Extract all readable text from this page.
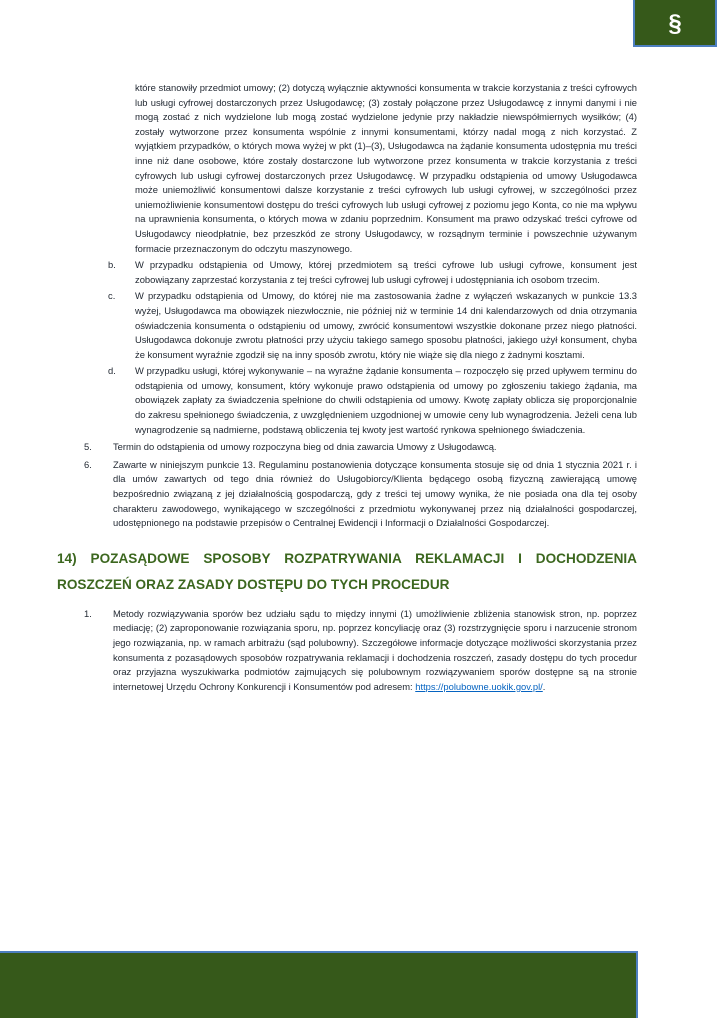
§
które stanowiły przedmiot umowy; (2) dotyczą wyłącznie aktywności konsumenta w trakcie korzystania z treści cyfrowych lub usługi cyfrowej dostarczonych przez Usługodawcę; (3) zostały połączone przez Usługodawcę z innymi danymi i nie mogą zostać z nich wydzielone lub mogą zostać wydzielone jedynie przy nakładzie niewspółmiernych wysiłków; (4) zostały wytworzone przez konsumenta wspólnie z innymi konsumentami, którzy nadal mogą z nich korzystać. Z wyjątkiem przypadków, o których mowa wyżej w pkt (1)–(3), Usługodawca na żądanie konsumenta udostępnia mu treści inne niż dane osobowe, które zostały dostarczone lub wytworzone przez konsumenta w trakcie korzystania z treści cyfrowych lub usługi cyfrowej dostarczonych przez Usługodawcę. W przypadku odstąpienia od umowy Usługodawca może uniemożliwić konsumentowi dalsze korzystanie z treści cyfrowych lub usługi cyfrowej, w szczególności przez uniemożliwienie konsumentowi dostępu do treści cyfrowych lub usługi cyfrowej z poziomu jego Konta, co nie ma wpływu na uprawnienia konsumenta, o których mowa w zdaniu poprzednim. Konsument ma prawo odzyskać treści cyfrowe od Usługodawcy nieodpłatnie, bez przeszkód ze strony Usługodawcy, w rozsądnym terminie i powszechnie używanym formacie przeznaczonym do odczytu maszynowego.
b. W przypadku odstąpienia od Umowy, której przedmiotem są treści cyfrowe lub usługi cyfrowe, konsument jest zobowiązany zaprzestać korzystania z tej treści cyfrowej lub usługi cyfrowej i udostępniania ich osobom trzecim.
c. W przypadku odstąpienia od Umowy, do której nie ma zastosowania żadne z wyłączeń wskazanych w punkcie 13.3 wyżej, Usługodawca ma obowiązek niezwłocznie, nie później niż w terminie 14 dni kalendarzowych od dnia otrzymania oświadczenia konsumenta o odstąpieniu od umowy, zwrócić konsumentowi wszystkie dokonane przez niego płatności. Usługodawca dokonuje zwrotu płatności przy użyciu takiego samego sposobu płatności, jakiego użył konsument, chyba że konsument wyraźnie zgodził się na inny sposób zwrotu, który nie wiąże się dla niego z żadnymi kosztami.
d. W przypadku usługi, której wykonywanie – na wyraźne żądanie konsumenta – rozpoczęło się przed upływem terminu do odstąpienia od umowy, konsument, który wykonuje prawo odstąpienia od umowy po zgłoszeniu takiego żądania, ma obowiązek zapłaty za świadczenia spełnione do chwili odstąpienia od umowy. Kwotę zapłaty oblicza się proporcjonalnie do zakresu spełnionego świadczenia, z uwzględnieniem uzgodnionej w umowie ceny lub wynagrodzenia. Jeżeli cena lub wynagrodzenie są nadmierne, podstawą obliczenia tej kwoty jest wartość rynkowa spełnionego świadczenia.
5. Termin do odstąpienia od umowy rozpoczyna bieg od dnia zawarcia Umowy z Usługodawcą.
6. Zawarte w niniejszym punkcie 13. Regulaminu postanowienia dotyczące konsumenta stosuje się od dnia 1 stycznia 2021 r. i dla umów zawartych od tego dnia również do Usługobiorcy/Klienta będącego osobą fizyczną zawierającą umowę bezpośrednio związaną z jej działalnością gospodarczą, gdy z treści tej umowy wynika, że nie posiada ona dla tej osoby charakteru zawodowego, wynikającego w szczególności z przedmiotu wykonywanej przez nią działalności gospodarczej, udostępnionego na podstawie przepisów o Centralnej Ewidencji i Informacji o Działalności Gospodarczej.
14) POZASĄDOWE SPOSOBY ROZPATRYWANIA REKLAMACJI I DOCHODZENIA
ROSZCZEŃ ORAZ ZASADY DOSTĘPU DO TYCH PROCEDUR
1. Metody rozwiązywania sporów bez udziału sądu to między innymi (1) umożliwienie zbliżenia stanowisk stron, np. poprzez mediację; (2) zaproponowanie rozwiązania sporu, np. poprzez koncyliację oraz (3) rozstrzygnięcie sporu i narzucenie stronom jego rozwiązania, np. w ramach arbitrażu (sąd polubowny). Szczegółowe informacje dotyczące możliwości skorzystania przez konsumenta z pozasądowych sposobów rozpatrywania reklamacji i dochodzenia roszczeń, zasady dostępu do tych procedur oraz przyjazna wyszukiwarka podmiotów zajmujących się polubownym rozwiązywaniem sporów dostępne są na stronie internetowej Urzędu Ochrony Konkurencji i Konsumentów pod adresem: https://polubowne.uokik.gov.pl/.
